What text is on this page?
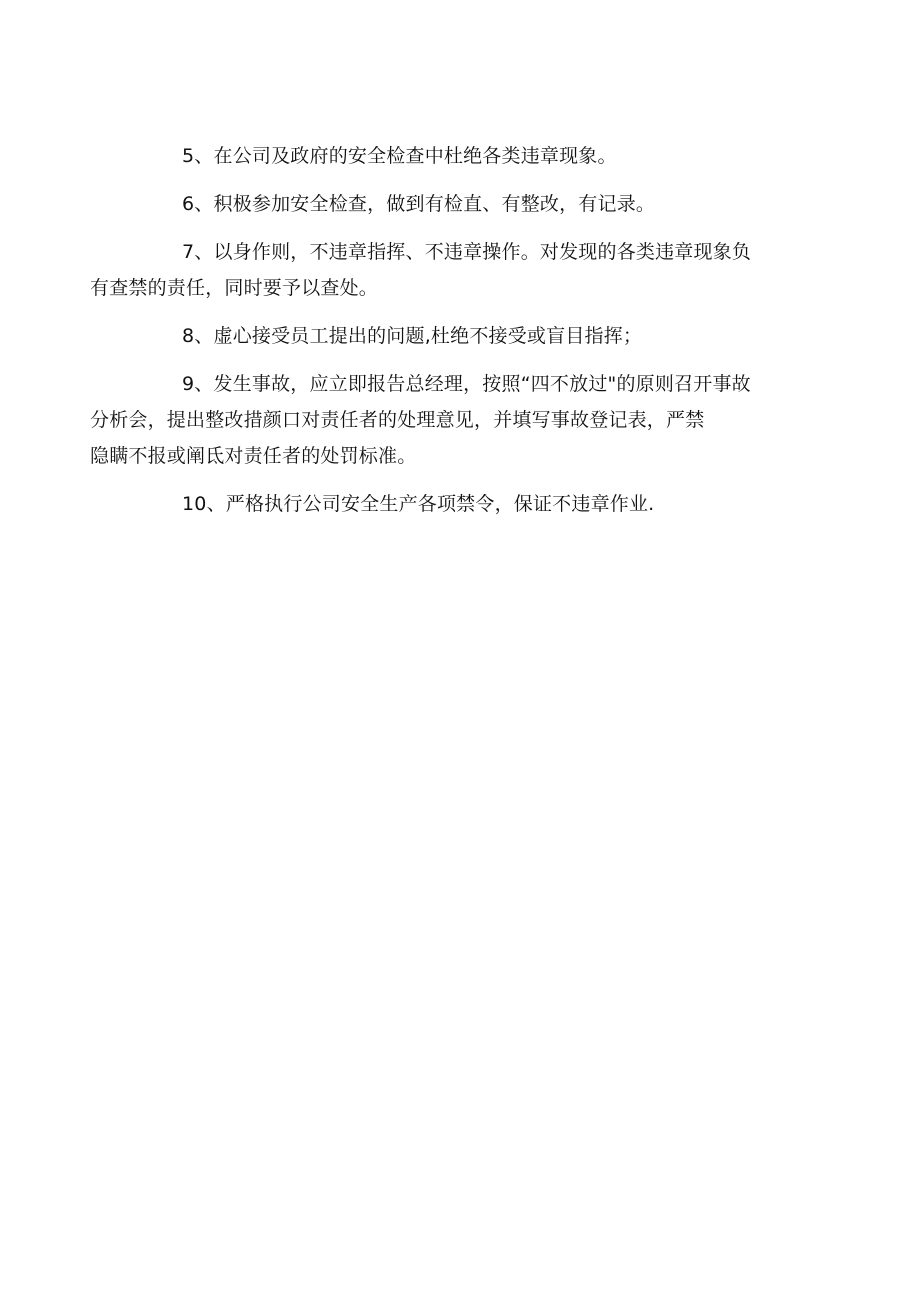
5、在公司及政府的安全检查中杜绝各类违章现象。

6、积极参加安全检查，做到有检直、有整改，有记录。

7、以身作则，不违章指挥、不违章操作。对发现的各类违章现象负
有查禁的责任，同时要予以查处。

8、虚心接受员工提出的问题,杜绝不接受或盲目指挥；

9、发生事故，应立即报告总经理，按照“四不放过"的原则召开事故
分析会，提出整改措颜口对责任者的处理意见，并填写事故登记表，严禁
隐瞒不报或阐氐对责任者的处罚标准。

10、严格执行公司安全生产各项禁令，保证不违章作业.
